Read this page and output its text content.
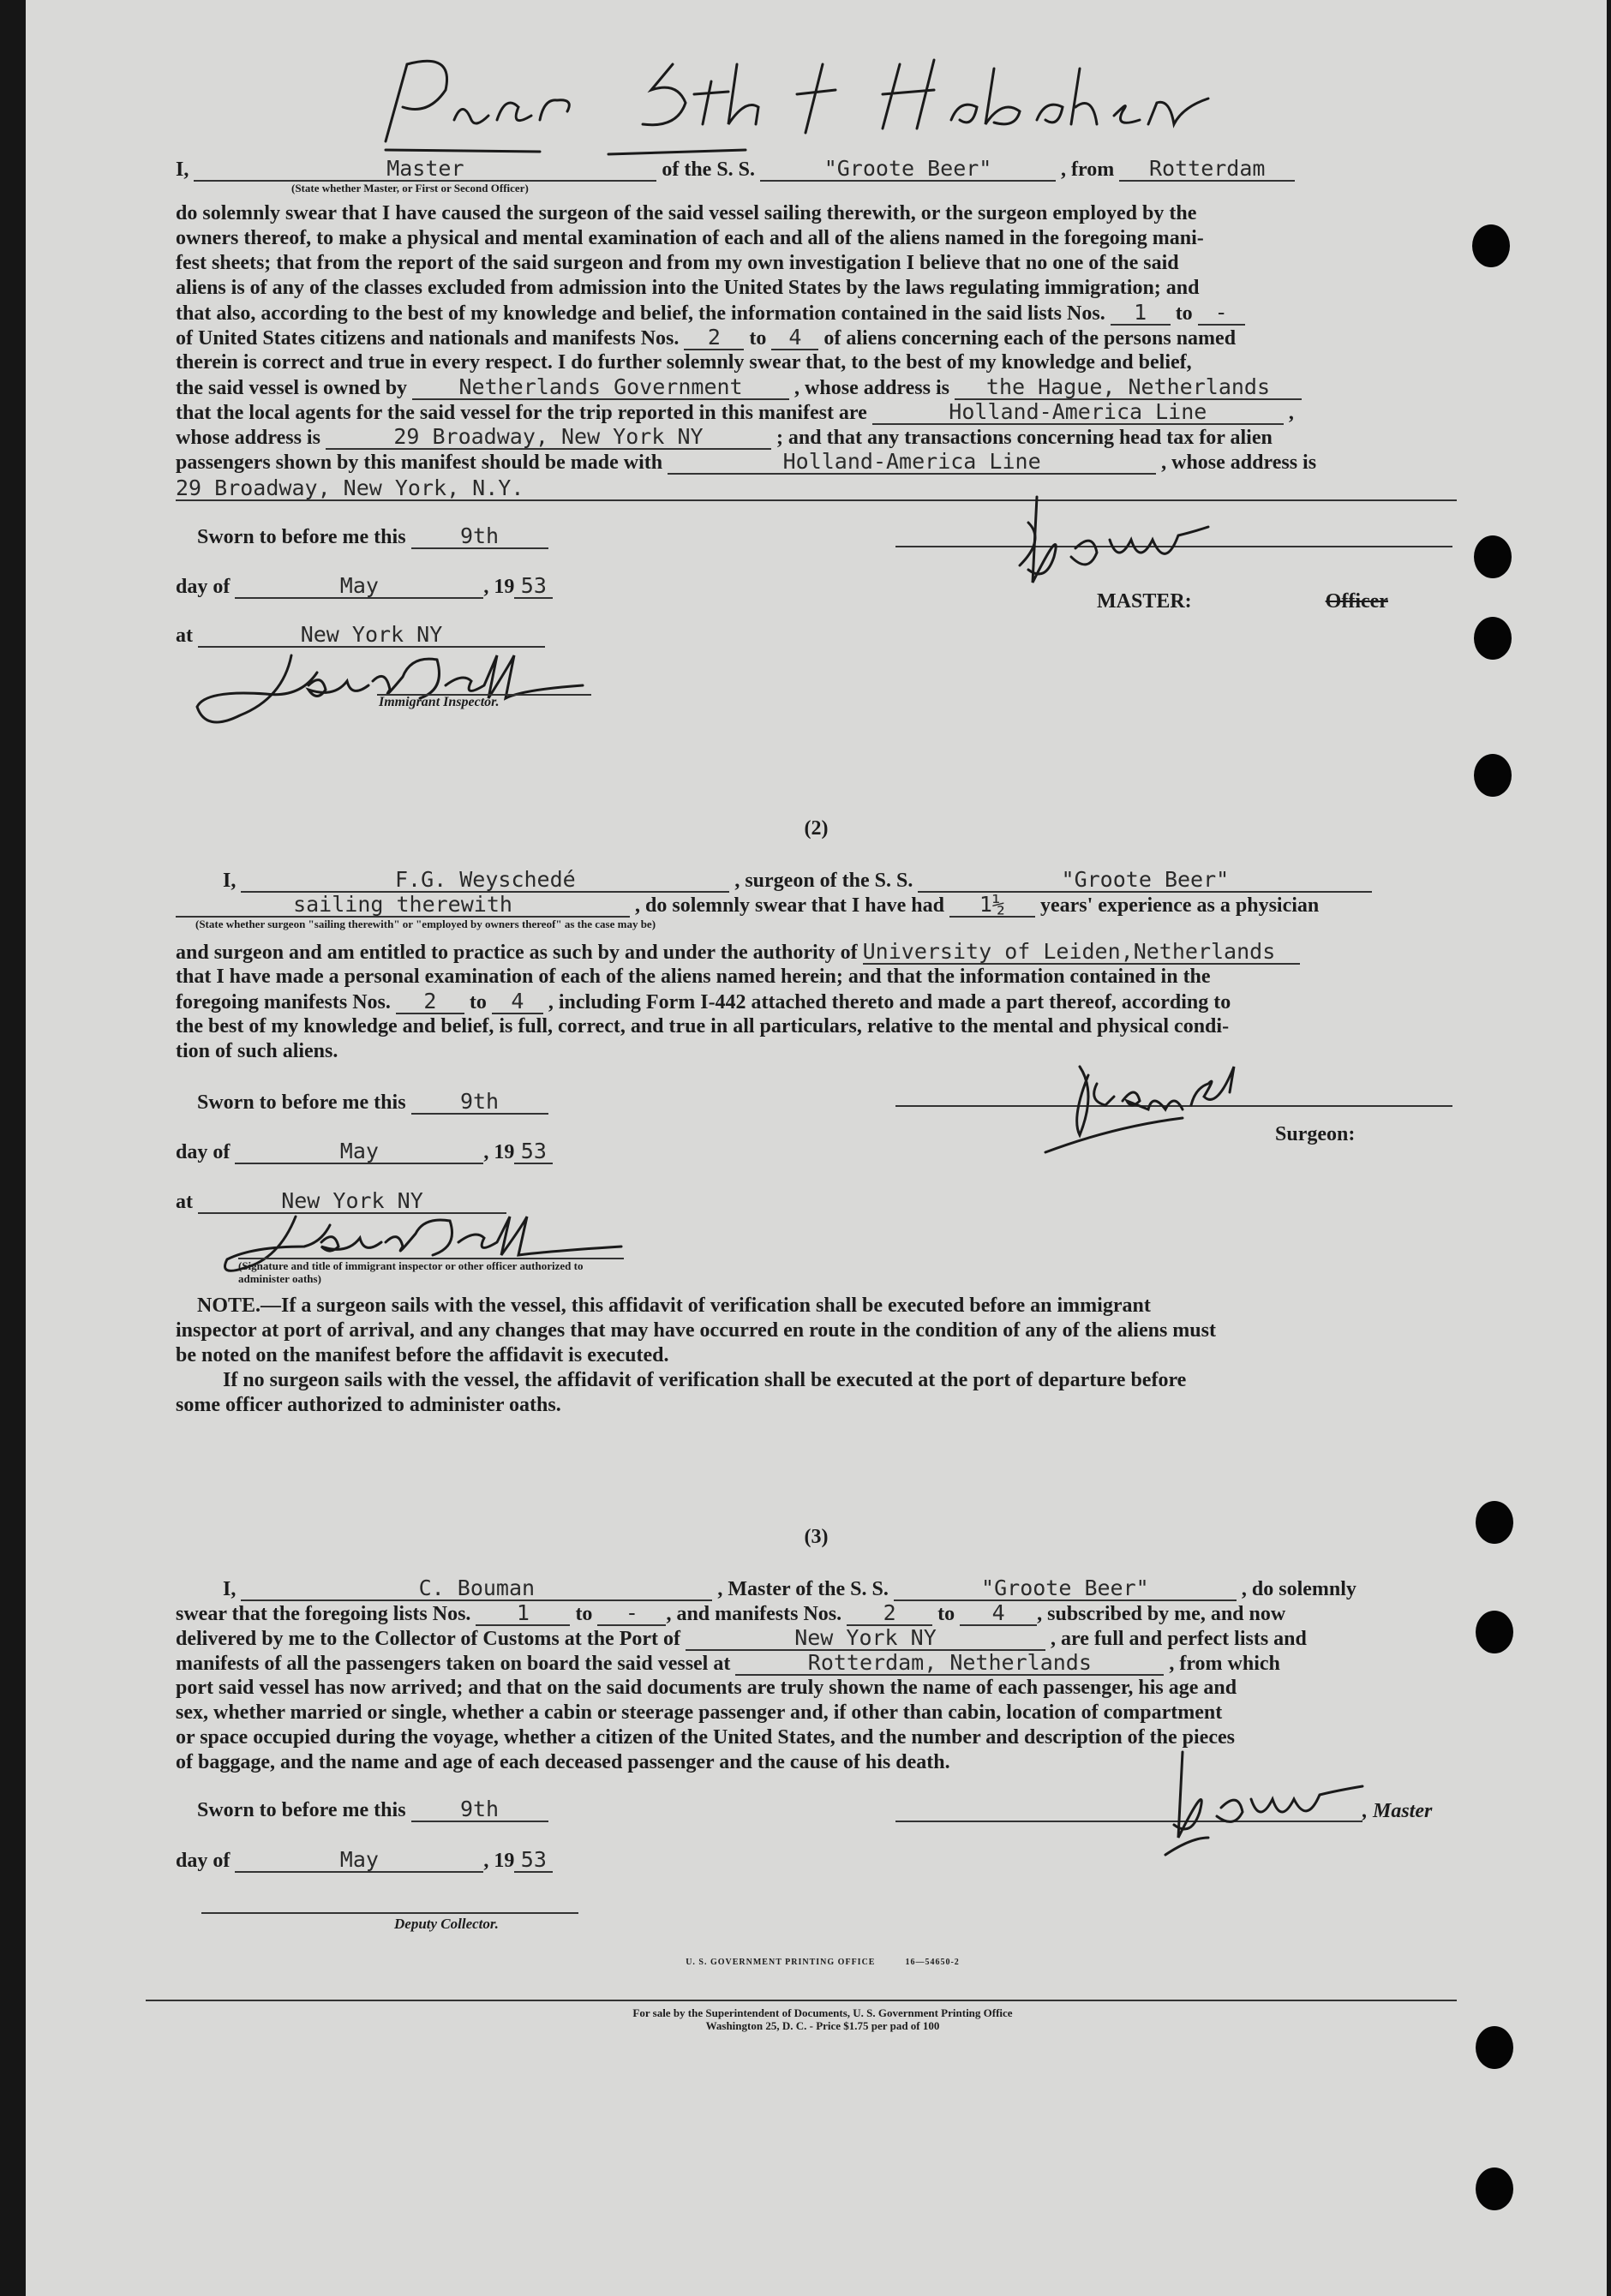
I,	Master	of the S. S.	"Groote Beer"	, from Rotterdam
(State whether Master, or First or Second Officer)
do solemnly swear that I have caused the surgeon of the said vessel sailing therewith, or the surgeon employed by the
owners thereof, to make a physical and mental examination of each and all of the aliens named in the foregoing mani-
fest sheets; that from the report of the said surgeon and from my own investigation I believe that no one of the said
aliens is of any of the classes excluded from admission into the United States by the laws regulating immigration; and
that also, according to the best of my knowledge and belief, the information contained in the said lists Nos. 1 to -
of United States citizens and nationals and manifests Nos. 2 to 4 of aliens concerning each of the persons named
therein is correct and true in every respect. I do further solemnly swear that, to the best of my knowledge and belief,
the said vessel is owned by Netherlands Government	, whose address is the Hague, Netherlands
that the local agents for the said vessel for the trip reported in this manifest are	Holland-America Line	,
whose address is	29 Broadway, New York NY	; and that any transactions concerning head tax for alien
passengers shown by this manifest should be made with	Holland-America Line	, whose address is
29 Broadway, New York, N.Y.
Sworn to before me this	9th
day of	May	, 19 53
at	New York NY
MASTER:	Officer
Immigrant Inspector.
(2)
I,	F.G. Weyschedé	, surgeon of the S. S.	"Groote Beer"
sailing therewith	, do solemnly swear that I have had 1½ years' experience as a physician
(State whether surgeon "sailing therewith" or "employed by owners thereof" as the case may be)
and surgeon and am entitled to practice as such by and under the authority of University of Leiden,Netherlands
that I have made a personal examination of each of the aliens named herein; and that the information contained in the
foregoing manifests Nos. 2 to 4 , including Form I-442 attached thereto and made a part thereof, according to
the best of my knowledge and belief, is full, correct, and true in all particulars, relative to the mental and physical condi-
tion of such aliens.
Sworn to before me this	9th
Surgeon:
day of	May	, 19 53
at	New York NY
(Signature and title of immigrant inspector or other officer authorized to administer oaths)
NOTE.—If a surgeon sails with the vessel, this affidavit of verification shall be executed before an immigrant
inspector at port of arrival, and any changes that may have occurred en route in the condition of any of the aliens must
be noted on the manifest before the affidavit is executed.
If no surgeon sails with the vessel, the affidavit of verification shall be executed at the port of departure before
some officer authorized to administer oaths.
(3)
I,	C. Bouman	, Master of the S. S.	"Groote Beer"	, do solemnly
swear that the foregoing lists Nos. 1 to - , and manifests Nos. 2 to 4 , subscribed by me, and now
delivered by me to the Collector of Customs at the Port of	New York NY	, are full and perfect lists and
manifests of all the passengers taken on board the said vessel at	Rotterdam, Netherlands	, from which
port said vessel has now arrived; and that on the said documents are truly shown the name of each passenger, his age and
sex, whether married or single, whether a cabin or steerage passenger and, if other than cabin, location of compartment
or space occupied during the voyage, whether a citizen of the United States, and the number and description of the pieces
of baggage, and the name and age of each deceased passenger and the cause of his death.
Sworn to before me this	9th	, Master
day of	May	, 19 53
Deputy Collector.
U. S. GOVERNMENT PRINTING OFFICE          16—54650-2
For sale by the Superintendent of Documents, U. S. Government Printing Office
Washington 25, D. C. - Price $1.75 per pad of 100
